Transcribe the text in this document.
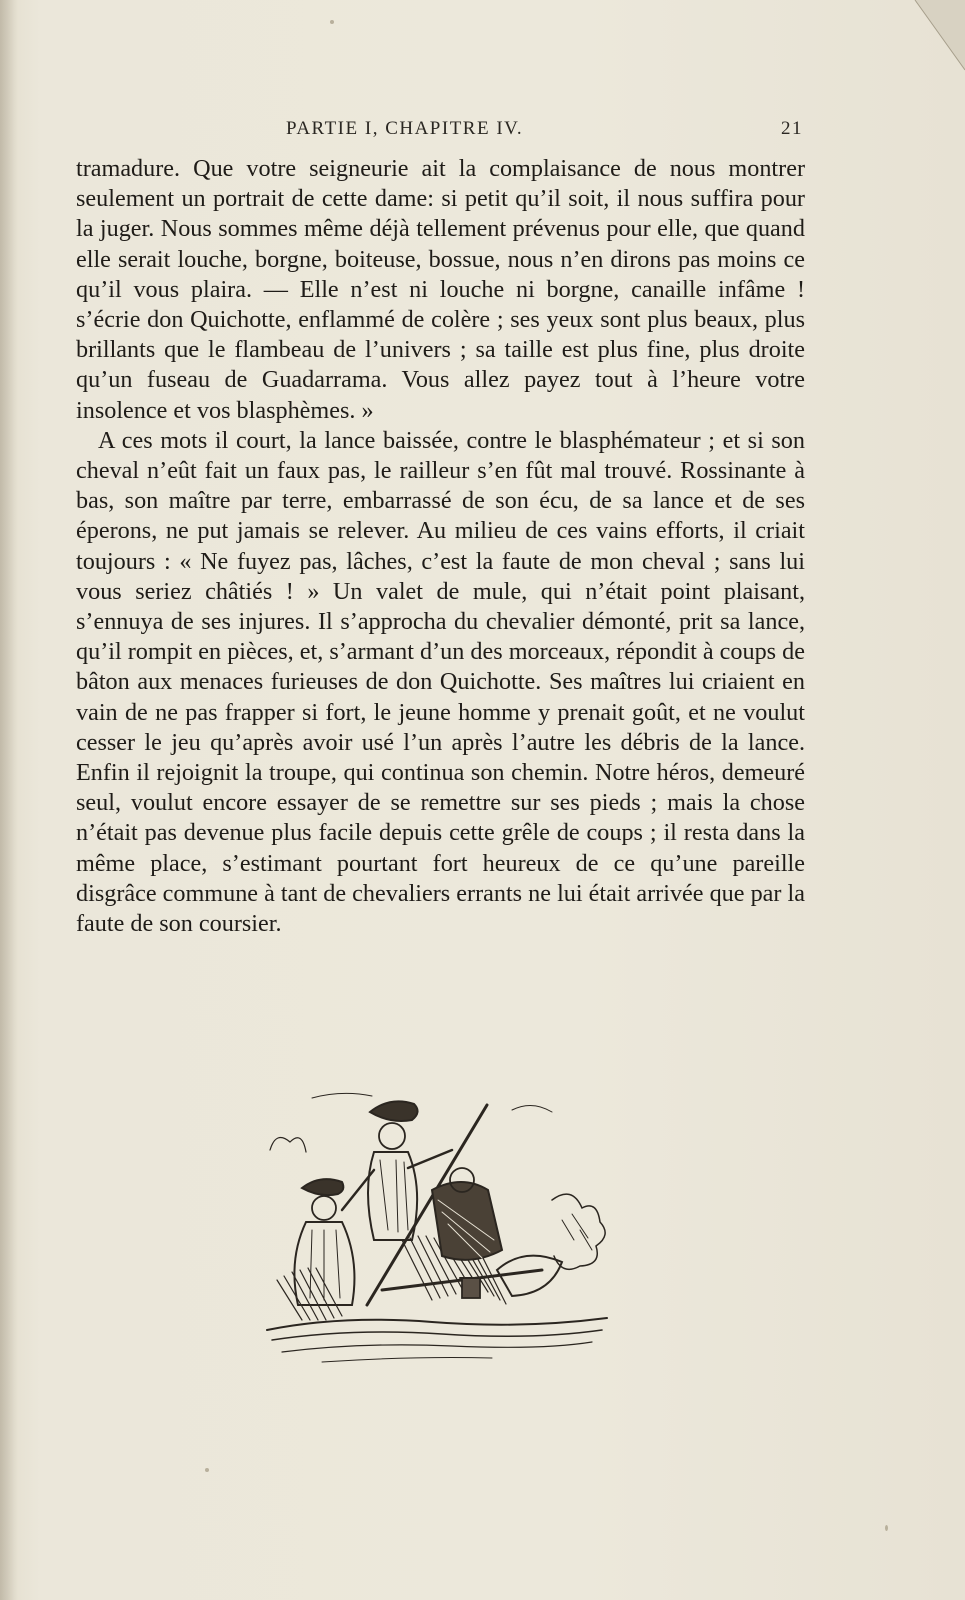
PARTIE I, CHAPITRE IV.	21

tramadure. Que votre seigneurie ait la complaisance de nous montrer seulement un portrait de cette dame: si petit qu’il soit, il nous suffira pour la juger. Nous sommes même déjà tellement prévenus pour elle, que quand elle serait louche, borgne, boiteuse, bossue, nous n’en dirons pas moins ce qu’il vous plaira. — Elle n’est ni louche ni borgne, canaille infâme ! s’écrie don Quichotte, enflammé de colère ; ses yeux sont plus beaux, plus brillants que le flambeau de l’univers ; sa taille est plus fine, plus droite qu’un fuseau de Guadarrama. Vous allez payez tout à l’heure votre insolence et vos blasphèmes. »

A ces mots il court, la lance baissée, contre le blasphémateur ; et si son cheval n’eût fait un faux pas, le railleur s’en fût mal trouvé. Rossinante à bas, son maître par terre, embarrassé de son écu, de sa lance et de ses éperons, ne put jamais se relever. Au milieu de ces vains efforts, il criait toujours : « Ne fuyez pas, lâches, c’est la faute de mon cheval ; sans lui vous seriez châtiés ! » Un valet de mule, qui n’était point plaisant, s’ennuya de ses injures. Il s’approcha du chevalier démonté, prit sa lance, qu’il rompit en pièces, et, s’armant d’un des morceaux, répondit à coups de bâton aux menaces furieuses de don Quichotte. Ses maîtres lui criaient en vain de ne pas frapper si fort, le jeune homme y prenait goût, et ne voulut cesser le jeu qu’après avoir usé l’un après l’autre les débris de la lance. Enfin il rejoignit la troupe, qui continua son chemin. Notre héros, demeuré seul, voulut encore essayer de se remettre sur ses pieds ; mais la chose n’était pas devenue plus facile depuis cette grêle de coups ; il resta dans la même place, s’estimant pourtant fort heureux de ce qu’une pareille disgrâce commune à tant de chevaliers errants ne lui était arrivée que par la faute de son coursier.
